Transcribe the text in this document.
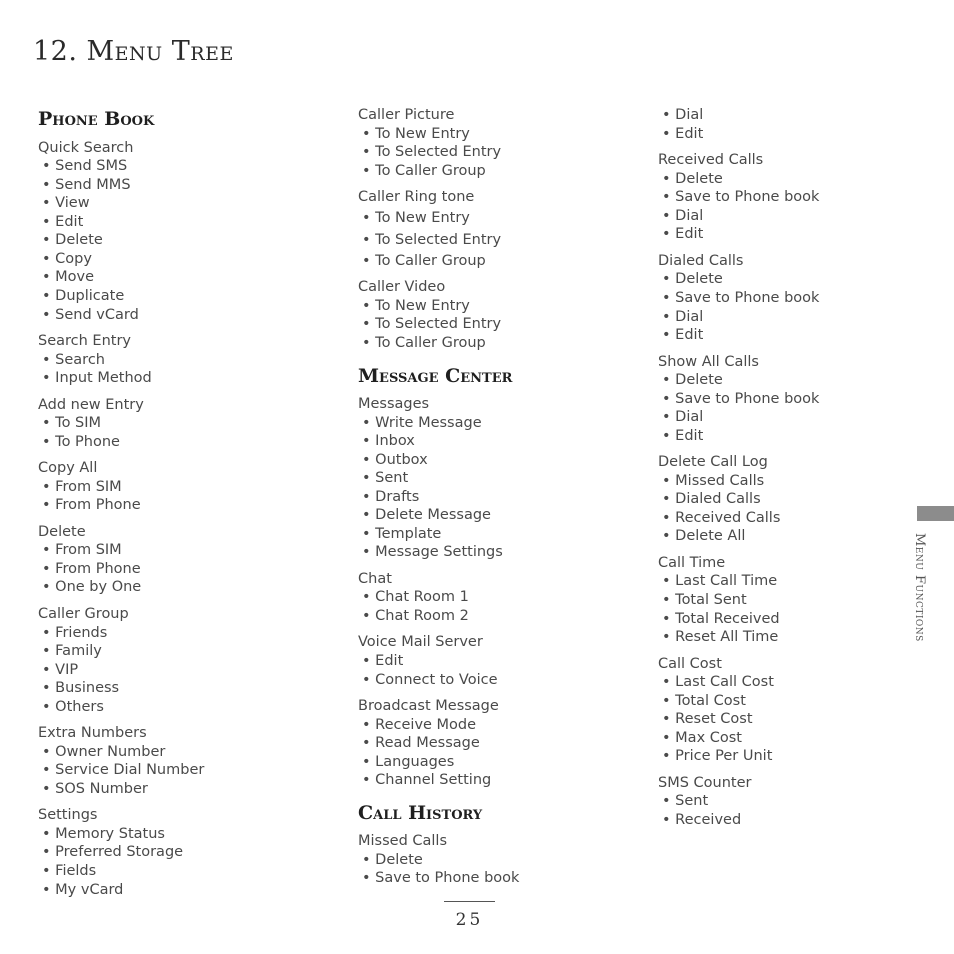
12. Menu Tree
Phone Book
Quick Search
• Send SMS
• Send MMS
• View
• Edit
• Delete
• Copy
• Move
• Duplicate
• Send vCard
Search Entry
• Search
• Input Method
Add new Entry
• To SIM
• To Phone
Copy All
• From SIM
• From Phone
Delete
• From SIM
• From Phone
• One by One
Caller Group
• Friends
• Family
• VIP
• Business
• Others
Extra Numbers
• Owner Number
• Service Dial Number
• SOS Number
Settings
• Memory Status
• Preferred Storage
• Fields
• My vCard
Caller Picture
• To New Entry
• To Selected Entry
• To Caller Group
Caller Ring tone
• To New Entry
• To Selected Entry
• To Caller Group
Caller Video
• To New Entry
• To Selected Entry
• To Caller Group
Message Center
Messages
• Write Message
• Inbox
• Outbox
• Sent
• Drafts
• Delete Message
• Template
• Message Settings
Chat
• Chat Room 1
• Chat Room 2
Voice Mail Server
• Edit
• Connect to Voice
Broadcast Message
• Receive Mode
• Read Message
• Languages
• Channel Setting
Call History
Missed Calls
• Delete
• Save to Phone book
• Dial
• Edit
Received Calls
• Delete
• Save to Phone book
• Dial
• Edit
Dialed Calls
• Delete
• Save to Phone book
• Dial
• Edit
Show All Calls
• Delete
• Save to Phone book
• Dial
• Edit
Delete Call Log
• Missed Calls
• Dialed Calls
• Received Calls
• Delete All
Call Time
• Last Call Time
• Total Sent
• Total Received
• Reset All Time
Call Cost
• Last Call Cost
• Total Cost
• Reset Cost
• Max Cost
• Price Per Unit
SMS Counter
• Sent
• Received
Menu Functions
25
